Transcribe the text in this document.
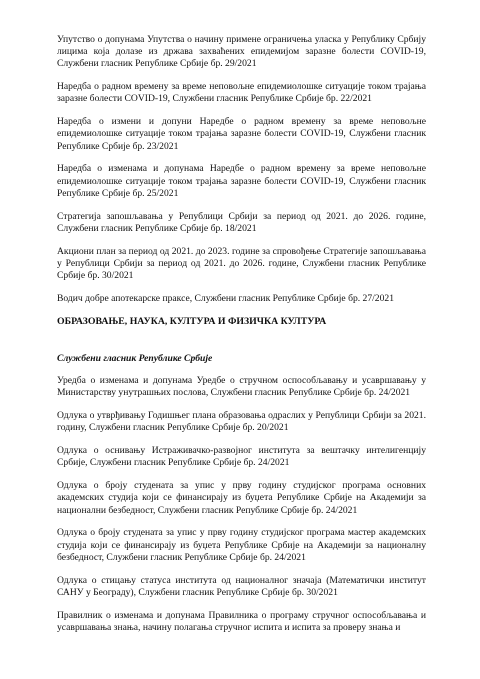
Упутство о допунама Упутства о начину примене ограничења уласка у Републику Србију лицима која долазе из држава захваћених епидемијом заразне болести COVID-19, Службени гласник Републике Србије бр. 29/2021

Наредба о радном времену за време неповољне епидемиолошке ситуације током трајања заразне болести COVID-19, Службени гласник Републике Србије бр. 22/2021

Наредба о измени и допуни Наредбе о радном времену за време неповољне епидемиолошке ситуације током трајања заразне болести COVID-19, Службени гласник Републике Србије бр. 23/2021

Наредба о изменама и допунама Наредбе о радном времену за време неповољне епидемиолошке ситуације током трајања заразне болести COVID-19, Службени гласник Републике Србије бр. 25/2021

Стратегија запошљавања у Републици Србији за период од 2021. до 2026. године, Службени гласник Републике Србије бр. 18/2021

Акциони план за период од 2021. до 2023. године за спровођење Стратегије запошљавања у Републици Србији за период од 2021. до 2026. године, Службени гласник Републике Србије бр. 30/2021

Водич добре апотекарске праксе, Службени гласник Републике Србије бр. 27/2021

ОБРАЗОВАЊЕ, НАУКА, КУЛТУРА И ФИЗИЧКА КУЛТУРА
Службени гласник Републике Србије

Уредба о изменама и допунама Уредбе о стручном оспособљавању и усавршавању у Министарству унутрашњих послова, Службени гласник Републике Србије бр. 24/2021

Одлука о утврђивању Годишњег плана образовања одраслих у Републици Србији за 2021. годину, Службени гласник Републике Србије бр. 20/2021

Одлука о оснивању Истраживачко-развојног института за вештачку интелигенцију Србије, Службени гласник Републике Србије бр. 24/2021

Одлука о броју студената за упис у прву годину студијског програма основних академских студија који се финансирају из буџета Републике Србије на Академији за национални безбедност, Службени гласник Републике Србије бр. 24/2021

Одлука о броју студената за упис у прву годину студијског програма мастер академских студија који се финансирају из буџета Републике Србије на Академији за националну безбедност, Службени гласник Републике Србије бр. 24/2021

Одлука о стицању статуса института од националног значаја (Математички институт САНУ у Београду), Службени гласник Републике Србије бр. 30/2021

Правилник о изменама и допунама Правилника о програму стручног оспособљавања и усавршавања знања, начину полагања стручног испита и испита за проверу знања и
